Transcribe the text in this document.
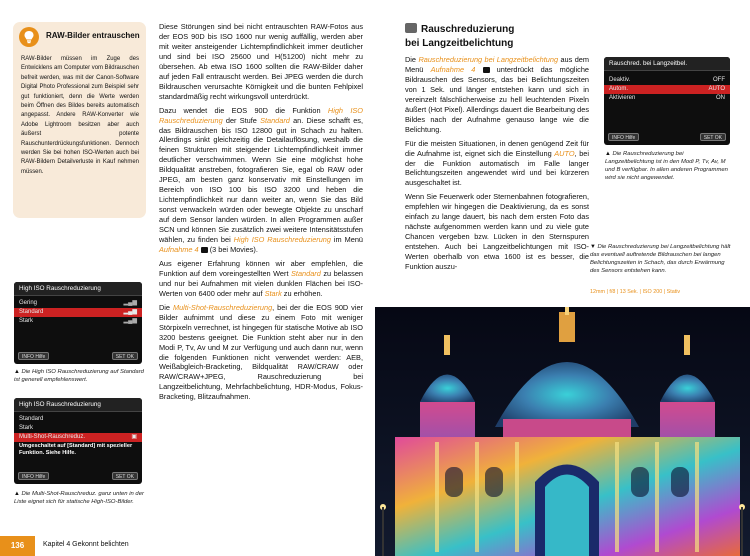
RAW-Bilder entrauschen
RAW-Bilder müssen im Zuge des Entwicklens am Computer vom Bildrauschen befreit werden, was mit der Canon-Software Digital Photo Professional zum Beispiel sehr gut funktioniert, denn die Werte werden beim Öffnen des Bildes bereits automatisch angepasst. Andere RAW-Konverter wie Adobe Lightroom besitzen aber auch äußerst potente Rauschunterdrückungsfunktionen. Dennoch werden Sie bei hohen ISO-Werten auch bei RAW-Bildern Detailverluste in Kauf nehmen müssen.
High ISO Rauschreduzierung
Gering	▂▄▆
Standard	▂▄▆
Stark	▂▄▆
INFO Hilfe	SET OK
▲ Die High ISO Rauschreduzierung auf Standard ist generell empfehlenswert.
High ISO Rauschreduzierung
Standard
Stark
Multi-Shot-Rauschreduz.	▣
Umgeschaltet auf [Standard] mit spezieller Funktion. Siehe Hilfe.
INFO Hilfe	SET OK
▲ Die Multi-Shot-Rauschreduz. ganz unten in der Liste eignet sich für statische High-ISO-Bilder.

Diese Störungen sind bei nicht entrauschten RAW-Fotos aus der EOS 90D bis ISO 1600 nur wenig auffällig, werden aber mit weiter ansteigender Lichtempfindlichkeit immer deutlicher und sind bei ISO 25600 und H(51200) nicht mehr zu übersehen. Ab etwa ISO 1600 sollten die RAW-Bilder daher auf jeden Fall entrauscht werden. Bei JPEG werden die durch Bildrauschen verursachte Körnigkeit und die bunten Fehlpixel standardmäßig recht wirkungsvoll unterdrückt.

Dazu wendet die EOS 90D die Funktion High ISO Rauschreduzierung der Stufe Standard an. Diese schafft es, das Bildrauschen bis ISO 12800 gut in Schach zu halten. Allerdings sinkt gleichzeitig die Detailauflösung, weshalb die feinen Strukturen mit steigender Lichtempfindlichkeit immer deutlicher verschwimmen. Wenn Sie eine möglichst hohe Bildqualität anstreben, fotografieren Sie, egal ob RAW oder JPEG, am besten ganz konservativ mit Einstellungen im Bereich von ISO 100 bis ISO 3200 und heben die Lichtempfindlichkeit nur dann weiter an, wenn Sie das Bild sonst verwackeln würden oder bewegte Objekte zu unscharf auf dem Sensor landen würden. In allen Programmen außer SCN und können Sie zusätzlich zwei weitere Intensitätsstufen wählen, zu finden bei High ISO Rauschreduzierung im Menü Aufnahme 4  (3 bei Movies).

Aus eigener Erfahrung können wir aber empfehlen, die Funktion auf dem voreingestellten Wert Standard zu belassen und nur bei Aufnahmen mit vielen dunklen Flächen bei ISO-Werten von 6400 oder mehr auf Stark zu erhöhen.

Die Multi-Shot-Rauschreduzierung, bei der die EOS 90D vier Bilder aufnimmt und diese zu einem Foto mit weniger Störpixeln verrechnet, ist hingegen für statische Motive ab ISO 3200 bestens geeignet. Die Funktion steht aber nur in den Modi P, Tv, Av und M zur Verfügung und auch dann nur, wenn die folgenden Funktionen nicht verwendet werden: AEB, Weißabgleich-Bracketing, Bildqualität RAW/CRAW oder RAW/CRAW+JPEG, Rauschreduzierung bei Langzeitbelichtung, Mehrfachbelichtung, HDR-Modus, Fokus-Bracketing, Blitzaufnahmen.

Rauschreduzierung
bei Langzeitbelichtung

Die Rauschreduzierung bei Langzeitbelichtung aus dem Menü Aufnahme 4  unterdrückt das mögliche Bildrauschen des Sensors, das bei Belichtungszeiten von 1 Sek. und länger entstehen kann und sich in vereinzelt fälschlicherweise zu hell leuchtenden Pixeln äußert (Hot Pixel). Allerdings dauert die Bearbeitung des Bildes nach der Aufnahme genauso lange wie die Belichtung.

Für die meisten Situationen, in denen genügend Zeit für die Aufnahme ist, eignet sich die Einstellung AUTO, bei der die Funktion automatisch im Falle langer Belichtungszeiten angewendet wird und bei kürzeren ausgeschaltet ist.

Wenn Sie Feuerwerk oder Sternenbahnen fotografieren, empfehlen wir hingegen die Deaktivierung, da es sonst einfach zu lange dauert, bis nach dem ersten Foto das nächste aufgenommen werden kann und zu viele gute Chancen vergeben bzw. Lücken in den Sternspuren entstehen. Auch bei Langzeitbelichtungen mit ISO-Werten oberhalb von etwa 1600 ist es besser, die Funktion auszu-

Rauschred. bei Langzeitbel.
Deaktiv.	OFF
Autom.	AUTO
Aktivieren	ON
INFO Hilfe	SET OK
▲ Die Rauschreduzierung bei Langzeitbelichtung ist in den Modi P, Tv, Av, M und B verfügbar. In allen anderen Programmen wird sie nicht angewendet.
▼ Die Rauschreduzierung bei Langzeitbelichtung hält das eventuell auftretende Bildrauschen bei langen Belichtungszeiten in Schach, das durch Erwärmung des Sensors entstehen kann.
12mm | f/8 | 13 Sek. | ISO 200 | Stativ
136	Kapitel 4 Gekonnt belichten
